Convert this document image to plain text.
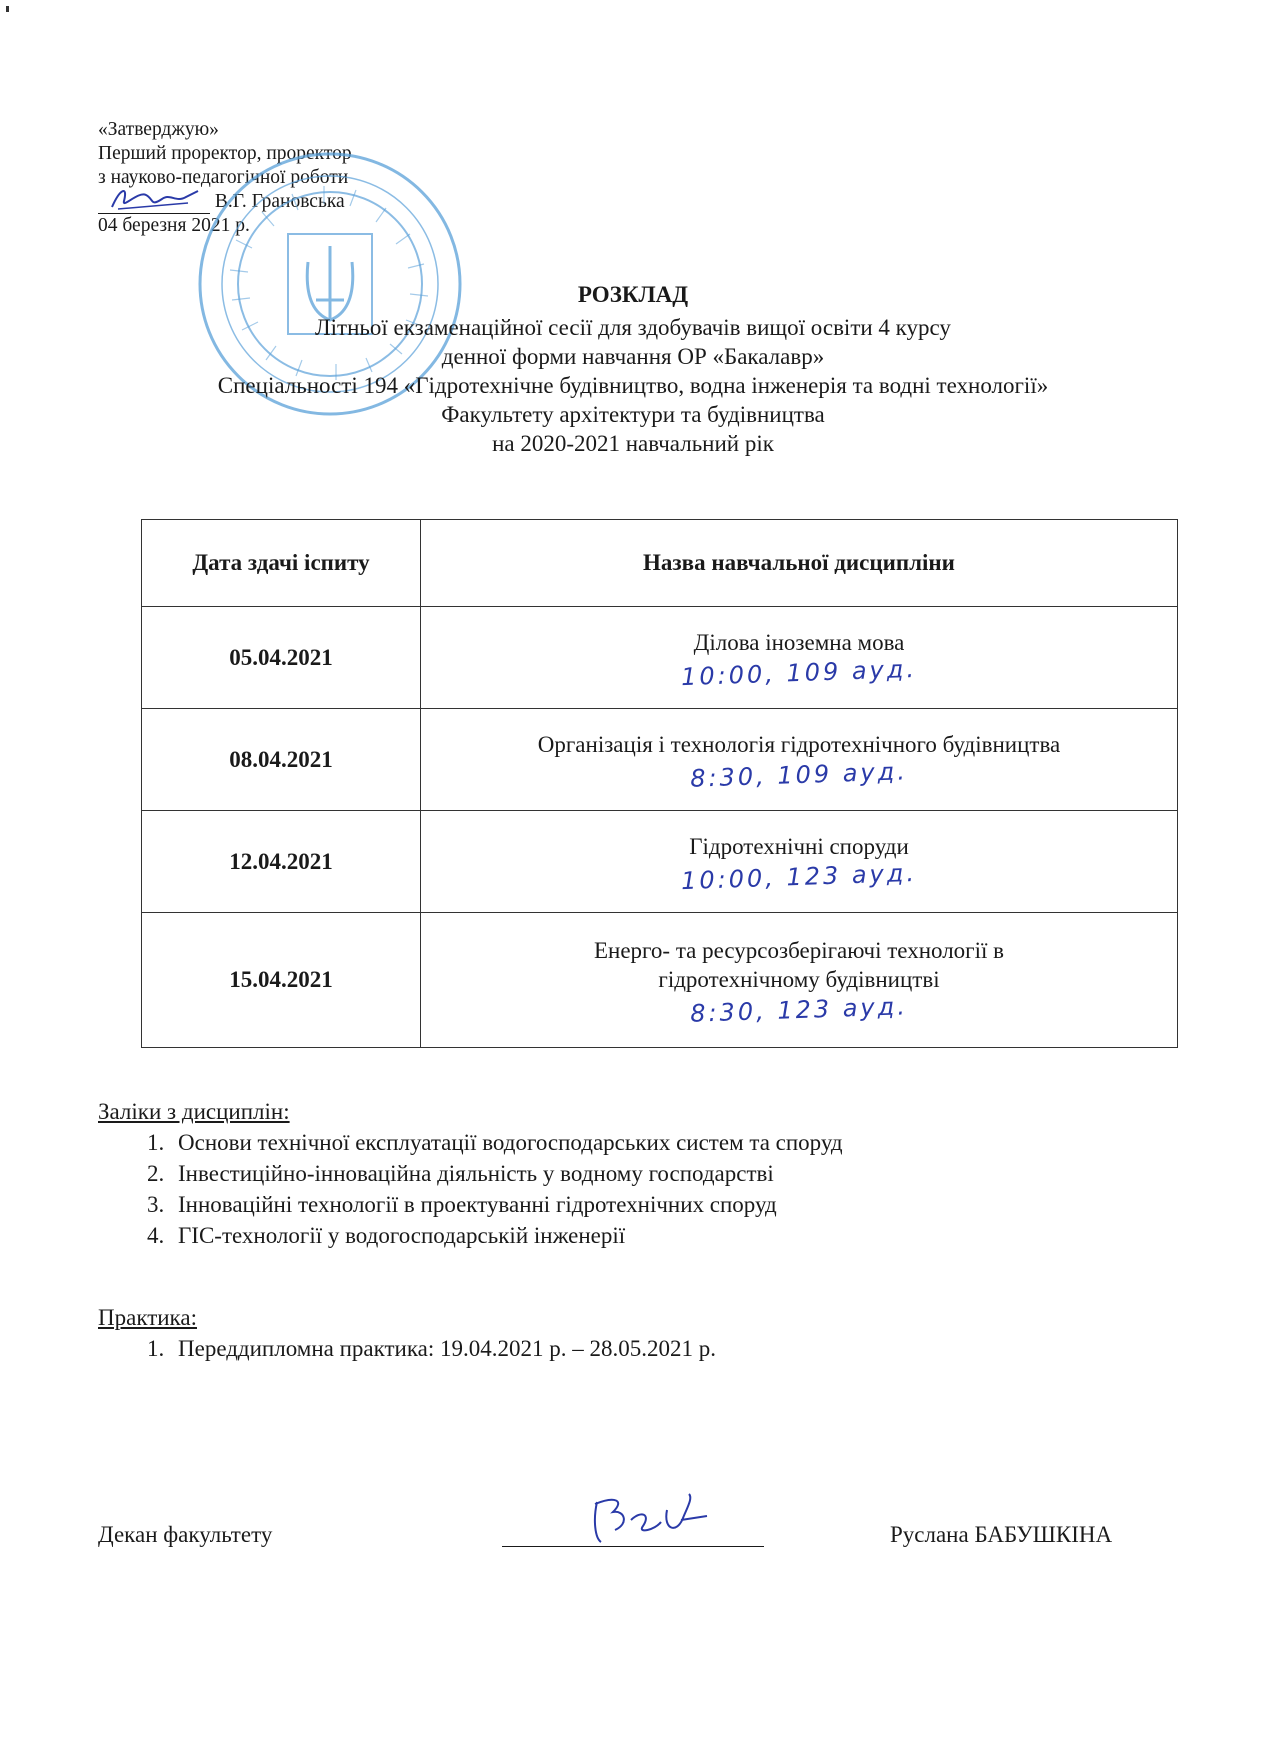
«Затверджую»
Перший проректор, проректор
з науково-педагогічної роботи
В.Г. Грановська
04 березня 2021 р.
РОЗКЛАД
Літньої екзаменаційної сесії для здобувачів вищої освіти 4 курсу
денної форми навчання ОР «Бакалавр»
Спеціальності 194 «Гідротехнічне будівництво, водна інженерія та водні технології»
Факультету архітектури та будівництва
на 2020-2021 навчальний рік
Дата здачі іспиту	Назва навчальної дисципліни
05.04.2021	Ділова іноземна мова
10:00, 109 ауд.

08.04.2021	Організація і технологія гідротехнічного будівництва
8:30, 109 ауд.

12.04.2021	Гідротехнічні споруди
10:00, 123 ауд.

15.04.2021	Енерго- та ресурсозберігаючі технології в
гідротехнічному будівництві
8:30, 123 ауд.
Заліки з дисциплін:
1. Основи технічної експлуатації водогосподарських систем та споруд
2. Інвестиційно-інноваційна діяльність у водному господарстві
3. Інноваційні технології в проектуванні гідротехнічних споруд
4. ГІС-технології у водогосподарській інженерії
Практика:
1. Переддипломна практика: 19.04.2021 р. – 28.05.2021 р.
Декан факультету	Руслана БАБУШКІНА
